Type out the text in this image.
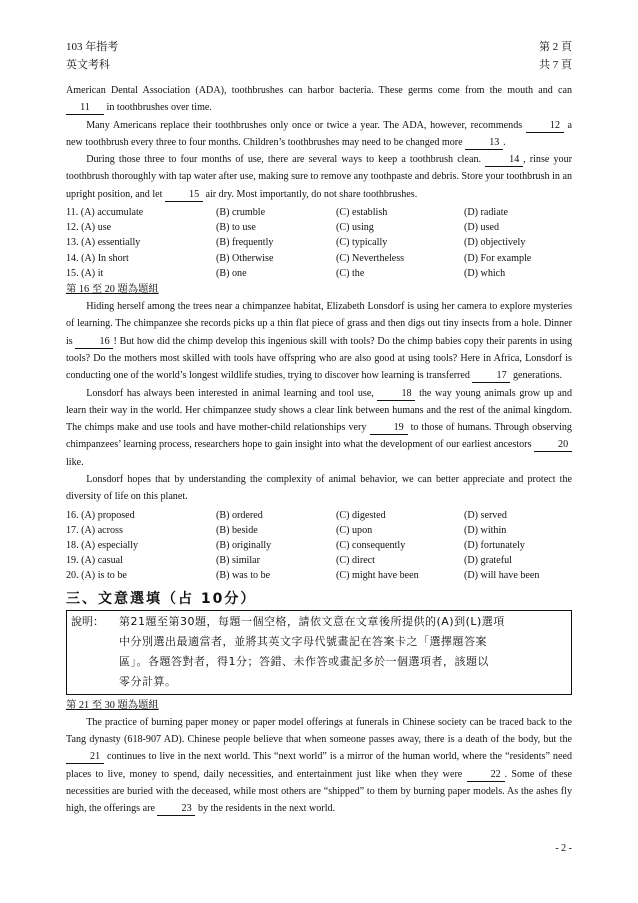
103 年指考
英文考科
第 2 頁
共 7 頁

American Dental Association (ADA), toothbrushes can harbor bacteria. These germs come from the mouth and can 11 in toothbrushes over time.

Many Americans replace their toothbrushes only once or twice a year. The ADA, however, recommends 12 a new toothbrush every three to four months. Children’s toothbrushes may need to be changed more 13 .

During those three to four months of use, there are several ways to keep a toothbrush clean. 14 , rinse your toothbrush thoroughly with tap water after use, making sure to remove any toothpaste and debris. Store your toothbrush in an upright position, and let 15 air dry. Most importantly, do not share toothbrushes.

11. (A) accumulate	(B) crumble	(C) establish	(D) radiate
12. (A) use	(B) to use	(C) using	(D) used
13. (A) essentially	(B) frequently	(C) typically	(D) objectively
14. (A) In short	(B) Otherwise	(C) Nevertheless	(D) For example
15. (A) it	(B) one	(C) the	(D) which
第 16 至 20 題為題組

Hiding herself among the trees near a chimpanzee habitat, Elizabeth Lonsdorf is using her camera to explore mysteries of learning. The chimpanzee she records picks up a thin flat piece of grass and then digs out tiny insects from a hole. Dinner is 16 ! But how did the chimp develop this ingenious skill with tools? Do the chimp babies copy their parents in using tools? Do the mothers most skilled with tools have offspring who are also good at using tools? Here in Africa, Lonsdorf is conducting one of the world’s longest wildlife studies, trying to discover how learning is transferred 17 generations.

Lonsdorf has always been interested in animal learning and tool use, 18 the way young animals grow up and learn their way in the world. Her chimpanzee study shows a clear link between humans and the rest of the animal kingdom. The chimps make and use tools and have mother-child relationships very 19 to those of humans. Through observing chimpanzees’ learning process, researchers hope to gain insight into what the development of our earliest ancestors 20 like.

Lonsdorf hopes that by understanding the complexity of animal behavior, we can better appreciate and protect the diversity of life on this planet.

16. (A) proposed	(B) ordered	(C) digested	(D) served
17. (A) across	(B) beside	(C) upon	(D) within
18. (A) especially	(B) originally	(C) consequently	(D) fortunately
19. (A) casual	(B) similar	(C) direct	(D) grateful
20. (A) is to be	(B) was to be	(C) might have been	(D) will have been
三、文意選填（占 10分）
說明：	第21題至第30題，每題一個空格，請依文意在文章後所提供的(A)到(L)選項
中分別選出最適當者，並將其英文字母代號畫記在答案卡之「選擇題答案
區」。各題答對者，得1分；答錯、未作答或畫記多於一個選項者，該題以
零分計算。
第 21 至 30 題為題組

The practice of burning paper money or paper model offerings at funerals in Chinese society can be traced back to the Tang dynasty (618-907 AD). Chinese people believe that when someone passes away, there is a death of the body, but the 21 continues to live in the next world. This “next world” is a mirror of the human world, where the “residents” need places to live, money to spend, daily necessities, and entertainment just like when they were 22 . Some of these necessities are buried with the deceased, while most others are “shipped” to them by burning paper models. As the ashes fly high, the offerings are 23 by the residents in the next world.

- 2 -
